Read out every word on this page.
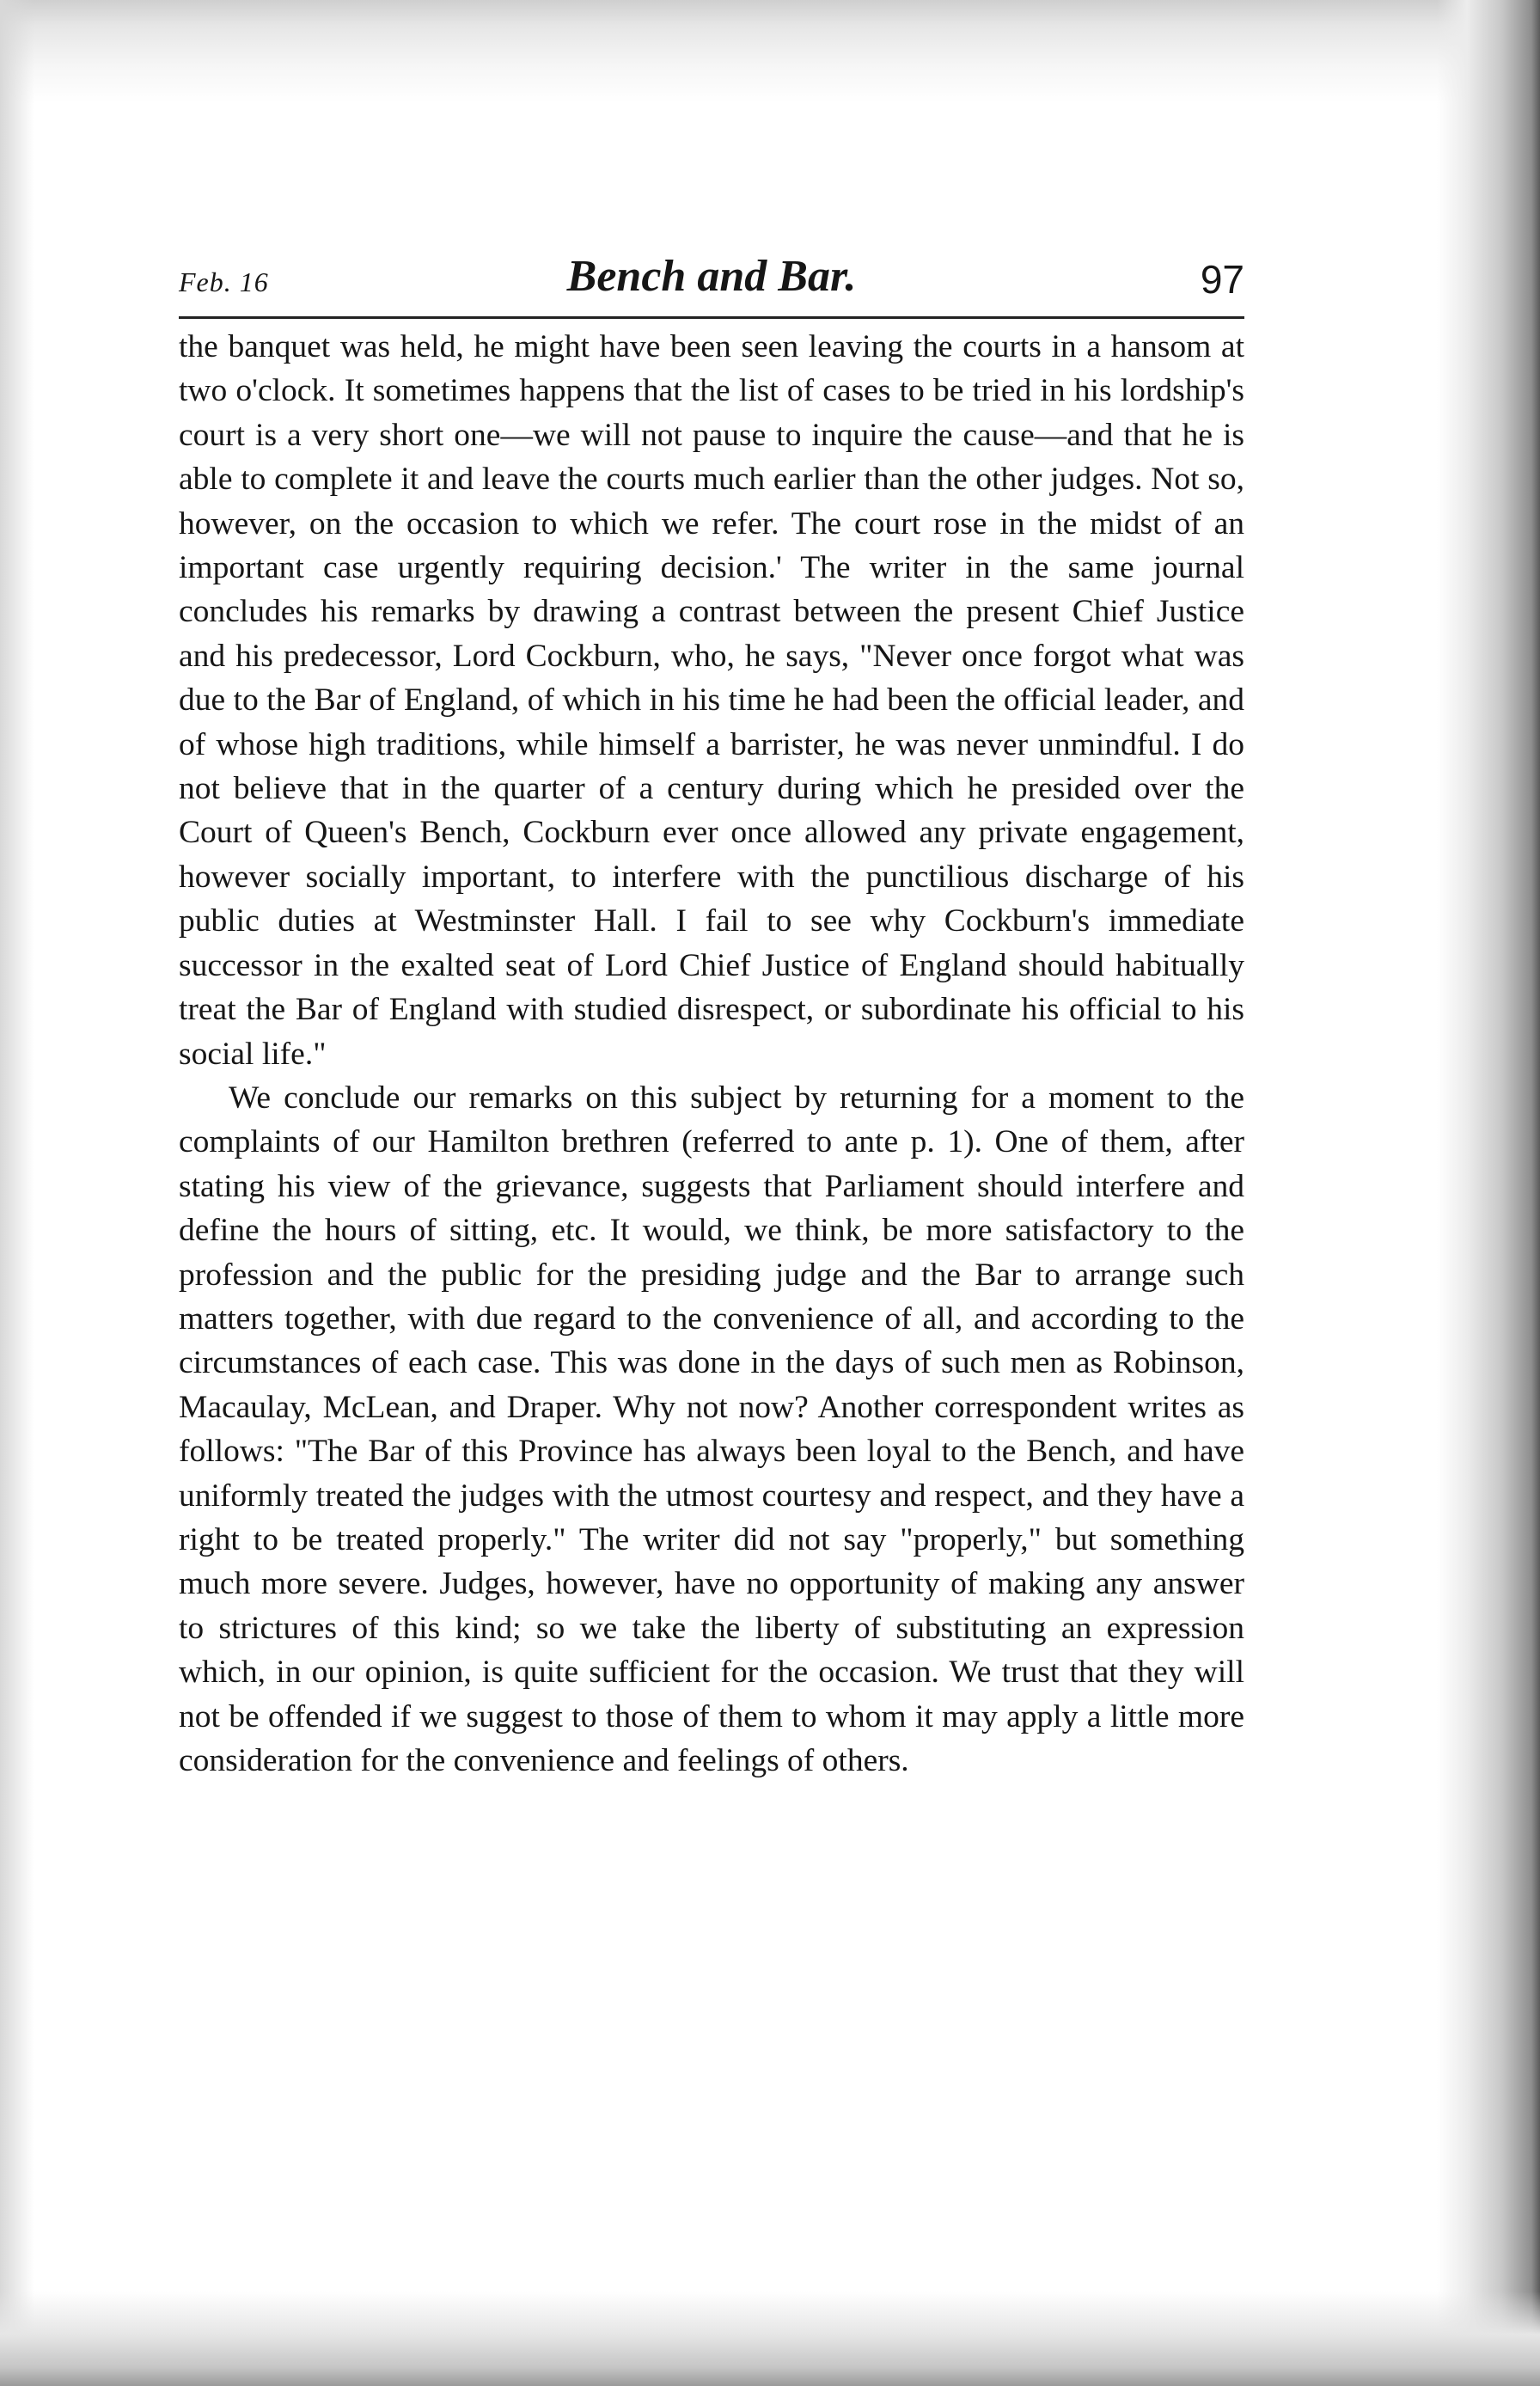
Feb. 16	Bench and Bar.	97

the banquet was held, he might have been seen leaving the courts in a hansom at two o'clock. It sometimes happens that the list of cases to be tried in his lordship's court is a very short one—we will not pause to inquire the cause—and that he is able to complete it and leave the courts much earlier than the other judges. Not so, however, on the occasion to which we refer. The court rose in the midst of an important case urgently requiring decision.' The writer in the same journal concludes his remarks by drawing a contrast between the present Chief Justice and his predecessor, Lord Cockburn, who, he says, "Never once forgot what was due to the Bar of England, of which in his time he had been the official leader, and of whose high traditions, while himself a barrister, he was never unmindful. I do not believe that in the quarter of a century during which he presided over the Court of Queen's Bench, Cockburn ever once allowed any private engagement, however socially important, to interfere with the punctilious discharge of his public duties at Westminster Hall. I fail to see why Cockburn's immediate successor in the exalted seat of Lord Chief Justice of England should habitually treat the Bar of England with studied disrespect, or subordinate his official to his social life."

We conclude our remarks on this subject by returning for a moment to the complaints of our Hamilton brethren (referred to ante p. 1). One of them, after stating his view of the grievance, suggests that Parliament should interfere and define the hours of sitting, etc. It would, we think, be more satisfactory to the profession and the public for the presiding judge and the Bar to arrange such matters together, with due regard to the convenience of all, and according to the circumstances of each case. This was done in the days of such men as Robinson, Macaulay, McLean, and Draper. Why not now? Another correspondent writes as follows: "The Bar of this Province has always been loyal to the Bench, and have uniformly treated the judges with the utmost courtesy and respect, and they have a right to be treated properly." The writer did not say "properly," but something much more severe. Judges, however, have no opportunity of making any answer to strictures of this kind; so we take the liberty of substituting an expression which, in our opinion, is quite sufficient for the occasion. We trust that they will not be offended if we suggest to those of them to whom it may apply a little more consideration for the convenience and feelings of others.
